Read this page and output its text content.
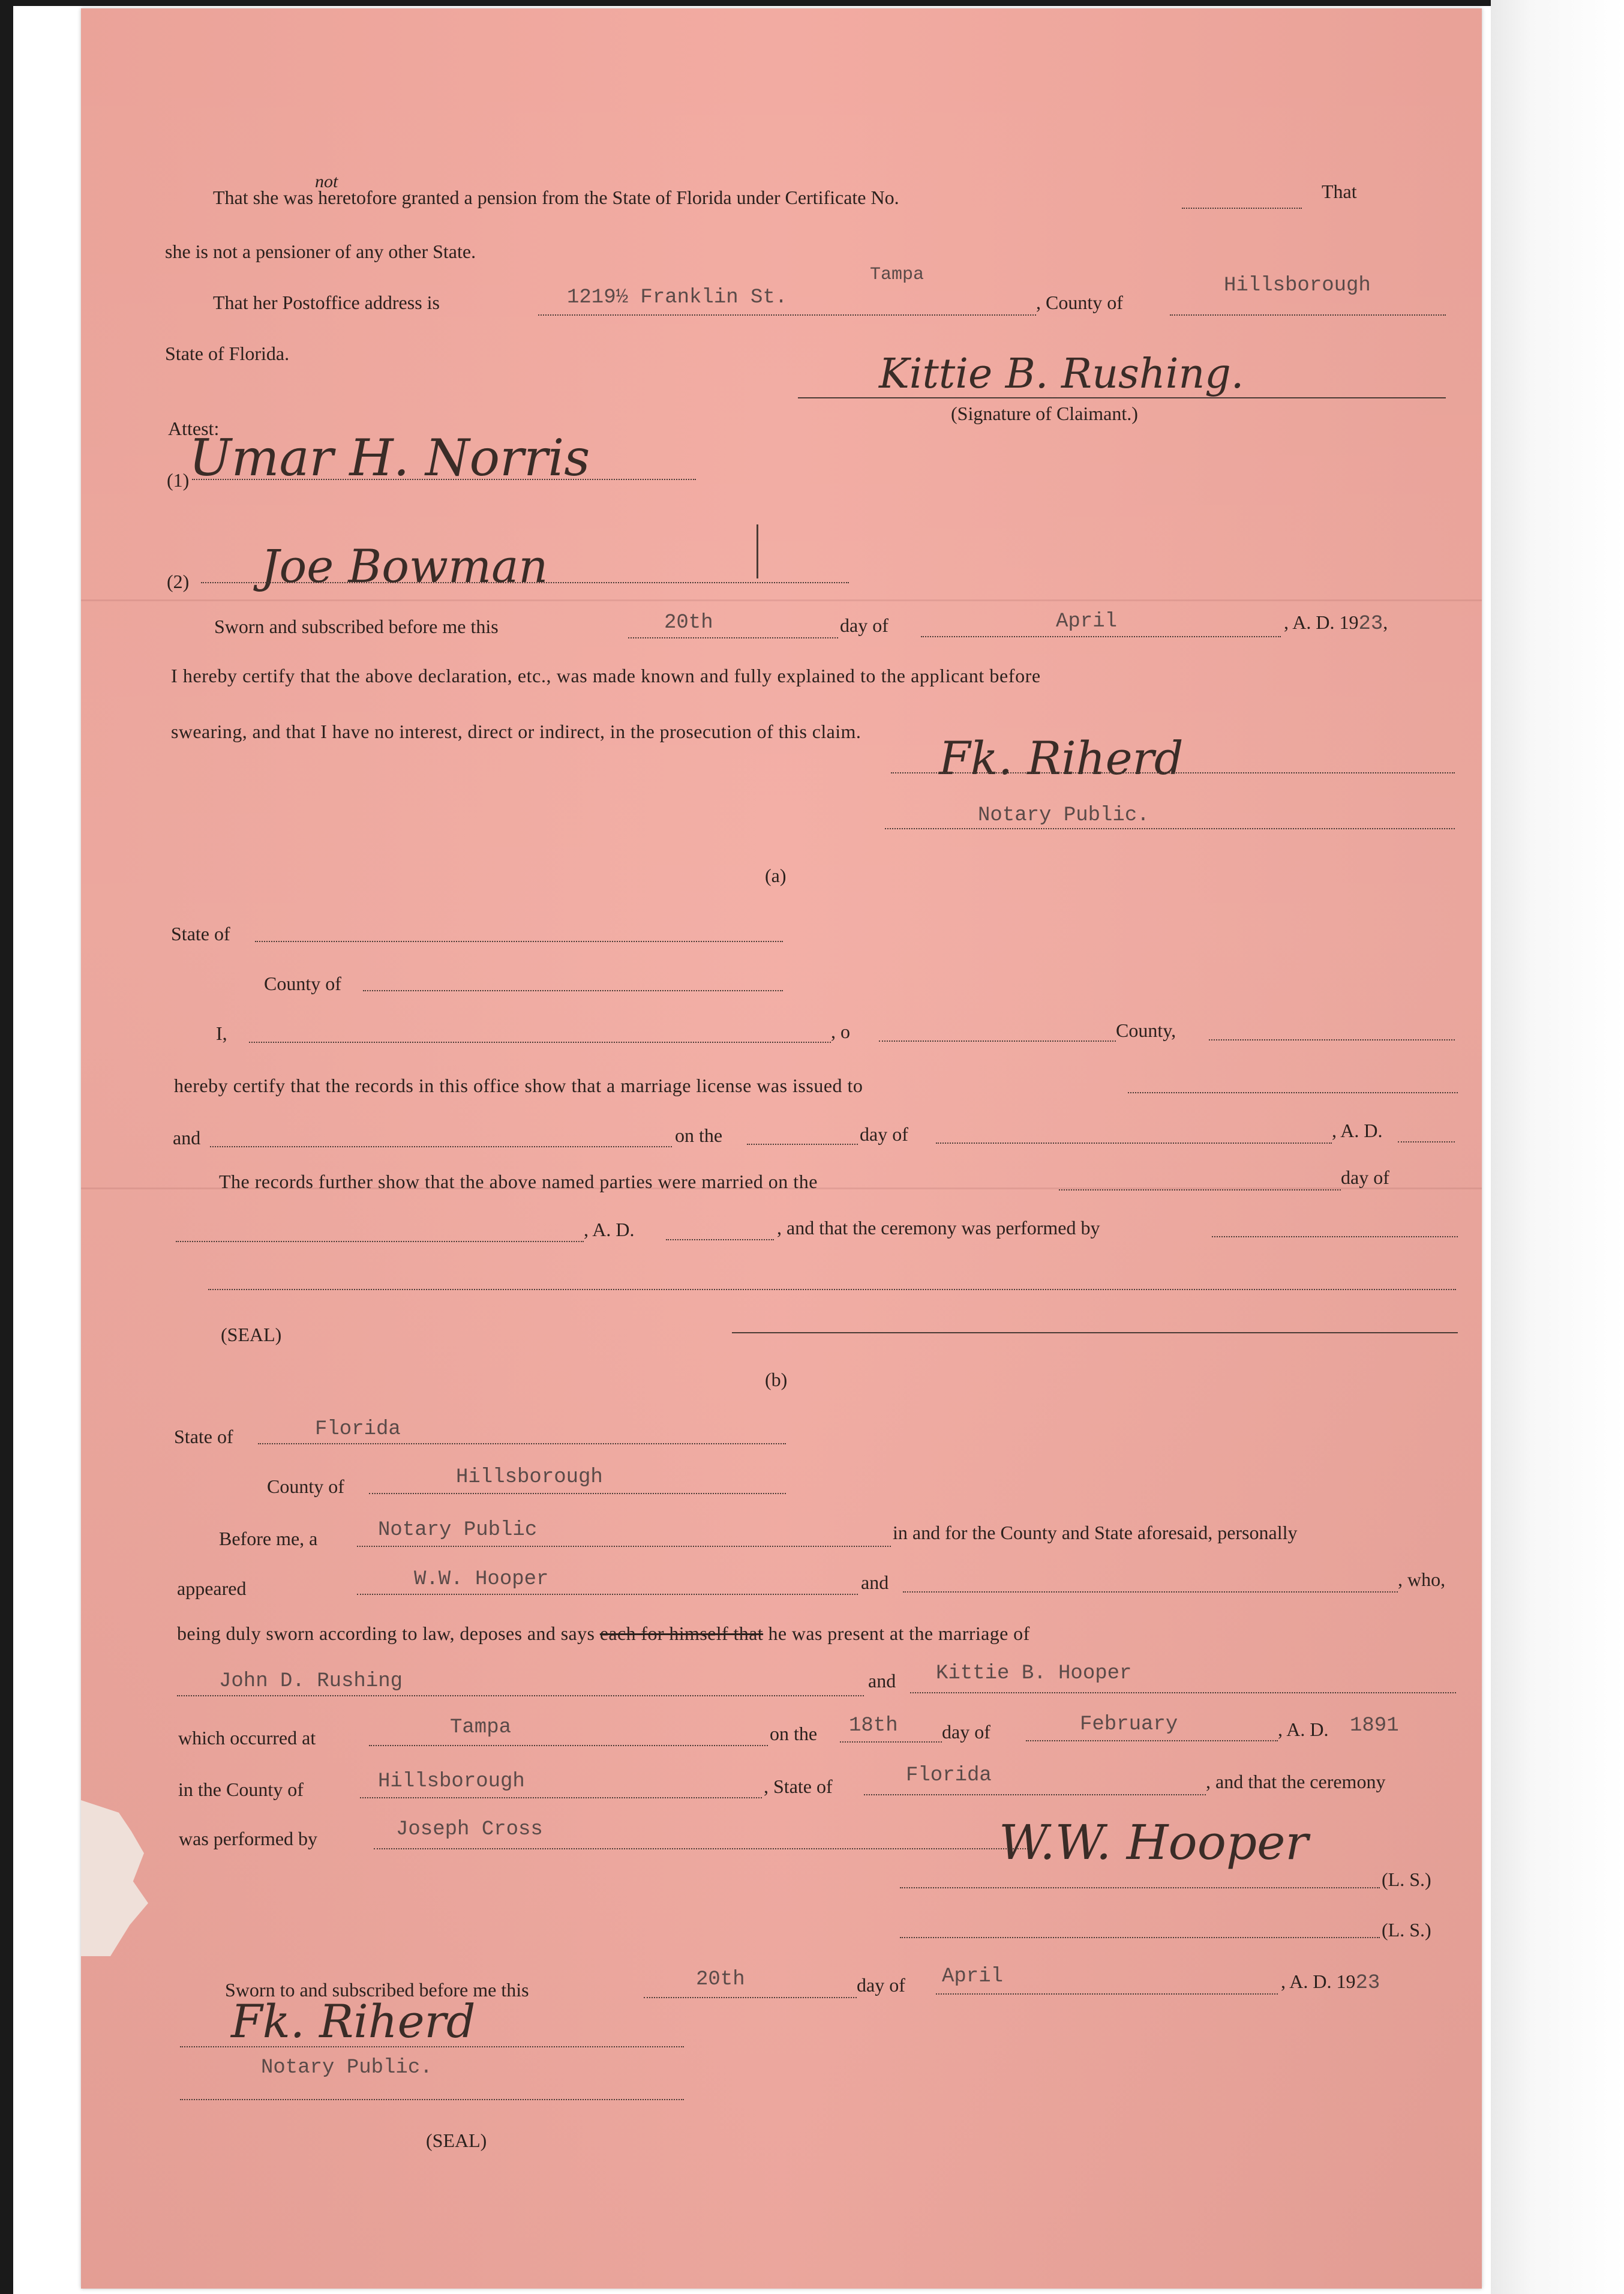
That she was
not
heretofore granted a pension from the State of Florida under Certificate No.	That
she is not a pensioner of any other State.
That her Postoffice address is	1219½ Franklin St.
Tampa
, County of
Hillsborough
State of Florida.	Kittie B. Rushing.
(Signature of Claimant.)
Attest:
(1) Umar H. Norris
(2) Joe Bowman
Sworn and subscribed before me this	20th	day of	April	, A. D. 1923,
I hereby certify that the above declaration, etc., was made known and fully explained to the applicant before
swearing, and that I have no interest, direct or indirect, in the prosecution of this claim. Fk. Riherd
Notary Public.
(a)
State of
County of
I,	, o	County,
hereby certify that the records in this office show that a marriage license was issued to
and	on the	day of	, A. D.
The records further show that the above named parties were married on the	day of
, A. D.	, and that the ceremony was performed by
(SEAL)
(b)
State of	Florida
County of	Hillsborough
Before me, a	Notary Public	in and for the County and State aforesaid, personally
appeared	W.W. Hooper	and	, who,
being duly sworn according to law, deposes and says each for himself that he was present at the marriage of
John D. Rushing	and Kittie B. Hooper
which occurred at	Tampa	on the 18th day of	February	, A. D. 1891
in the County of	Hillsborough	, State of	Florida	, and that the ceremony
was performed by	Joseph Cross	W.W. Hooper
(L. S.)
(L. S.)
Sworn to and subscribed before me this	20th	day of April	, A. D. 1923
Fk. Riherd
Notary Public.
(SEAL)
